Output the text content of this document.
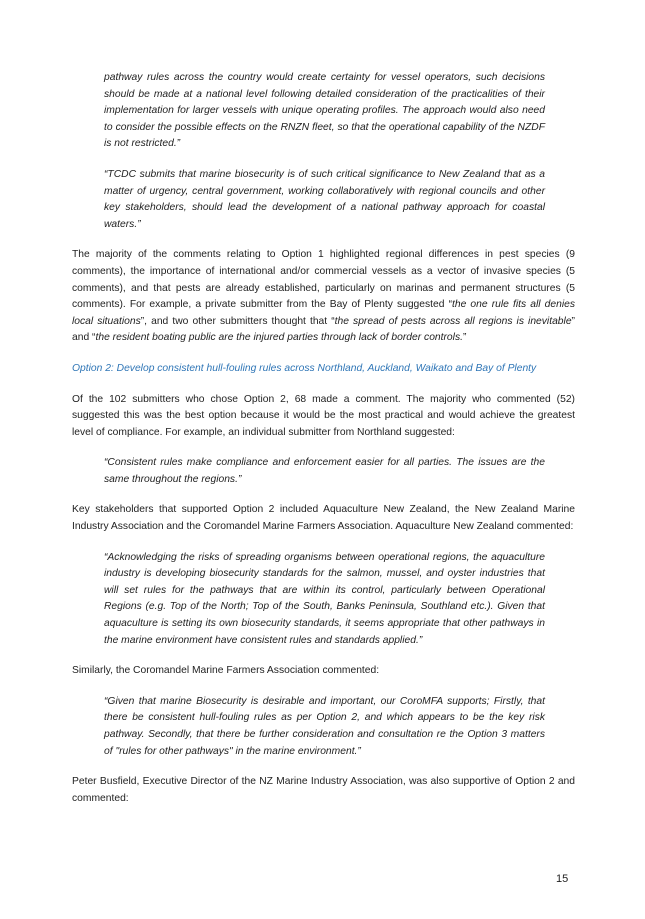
pathway rules across the country would create certainty for vessel operators, such decisions should be made at a national level following detailed consideration of the practicalities of their implementation for larger vessels with unique operating profiles. The approach would also need to consider the possible effects on the RNZN fleet, so that the operational capability of the NZDF is not restricted.”

“TCDC submits that marine biosecurity is of such critical significance to New Zealand that as a matter of urgency, central government, working collaboratively with regional councils and other key stakeholders, should lead the development of a national pathway approach for coastal waters.”

The majority of the comments relating to Option 1 highlighted regional differences in pest species (9 comments), the importance of international and/or commercial vessels as a vector of invasive species (5 comments), and that pests are already established, particularly on marinas and permanent structures (5 comments). For example, a private submitter from the Bay of Plenty suggested “the one rule fits all denies local situations”, and two other submitters thought that “the spread of pests across all regions is inevitable” and “the resident boating public are the injured parties through lack of border controls.”

Option 2: Develop consistent hull-fouling rules across Northland, Auckland, Waikato and Bay of Plenty

Of the 102 submitters who chose Option 2, 68 made a comment. The majority who commented (52) suggested this was the best option because it would be the most practical and would achieve the greatest level of compliance. For example, an individual submitter from Northland suggested:

“Consistent rules make compliance and enforcement easier for all parties. The issues are the same throughout the regions.”

Key stakeholders that supported Option 2 included Aquaculture New Zealand, the New Zealand Marine Industry Association and the Coromandel Marine Farmers Association. Aquaculture New Zealand commented:

“Acknowledging the risks of spreading organisms between operational regions, the aquaculture industry is developing biosecurity standards for the salmon, mussel, and oyster industries that will set rules for the pathways that are within its control, particularly between Operational Regions (e.g. Top of the North; Top of the South, Banks Peninsula, Southland etc.). Given that aquaculture is setting its own biosecurity standards, it seems appropriate that other pathways in the marine environment have consistent rules and standards applied.”

Similarly, the Coromandel Marine Farmers Association commented:

“Given that marine Biosecurity is desirable and important, our CoroMFA supports; Firstly, that there be consistent hull-fouling rules as per Option 2, and which appears to be the key risk pathway. Secondly, that there be further consideration and consultation re the Option 3 matters of "rules for other pathways" in the marine environment.”

Peter Busfield, Executive Director of the NZ Marine Industry Association, was also supportive of Option 2 and commented:

15
